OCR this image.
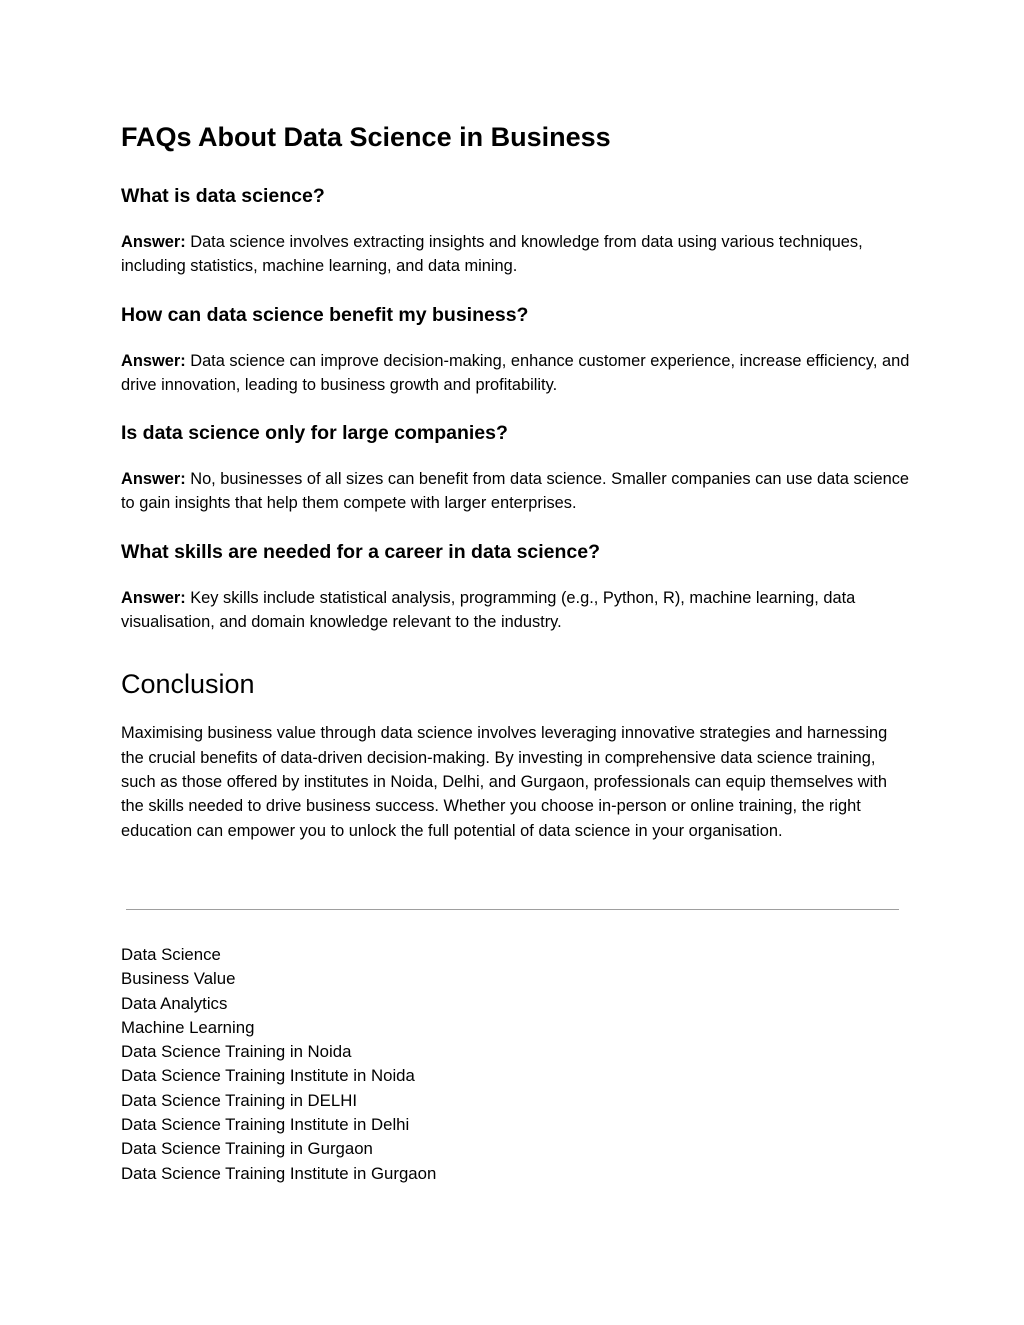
FAQs About Data Science in Business
What is data science?

Answer: Data science involves extracting insights and knowledge from data using various techniques, including statistics, machine learning, and data mining.

How can data science benefit my business?

Answer: Data science can improve decision-making, enhance customer experience, increase efficiency, and drive innovation, leading to business growth and profitability.

Is data science only for large companies?

Answer: No, businesses of all sizes can benefit from data science. Smaller companies can use data science to gain insights that help them compete with larger enterprises.

What skills are needed for a career in data science?

Answer: Key skills include statistical analysis, programming (e.g., Python, R), machine learning, data visualisation, and domain knowledge relevant to the industry.

Conclusion

Maximising business value through data science involves leveraging innovative strategies and harnessing the crucial benefits of data-driven decision-making. By investing in comprehensive data science training, such as those offered by institutes in Noida, Delhi, and Gurgaon, professionals can equip themselves with the skills needed to drive business success. Whether you choose in-person or online training, the right education can empower you to unlock the full potential of data science in your organisation.

Data Science
Business Value
Data Analytics
Machine Learning
Data Science Training in Noida
Data Science Training Institute in Noida
Data Science Training in DELHI
Data Science Training Institute in Delhi
Data Science Training in Gurgaon
Data Science Training Institute in Gurgaon
